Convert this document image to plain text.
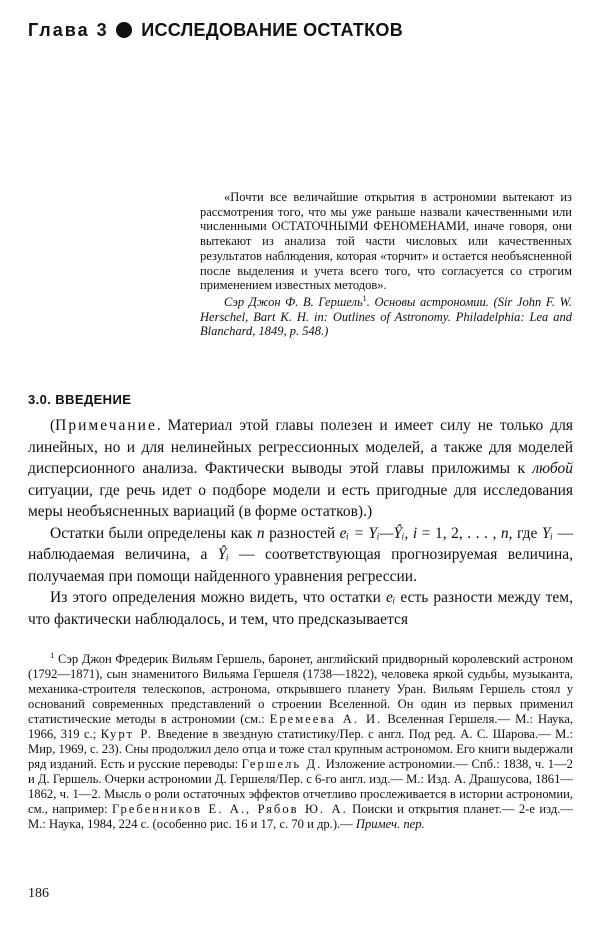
Глава 3 ИССЛЕДОВАНИЕ ОСТАТКОВ

«Почти все величайшие открытия в астрономии вытекают из рассмотрения того, что мы уже раньше назвали качественными или численными ОСТАТОЧНЫМИ ФЕНОМЕНАМИ, иначе говоря, они вытекают из анализа той части числовых или качественных результатов наблюдения, которая «торчит» и остается необъясненной после выделения и учета всего того, что согласуется со строгим применением известных методов».

Сэр Джон Ф. В. Гершель$^1$. Основы астрономии. (Sir John F. W. Herschel, Bart K. H. in: Outlines of Astronomy. Philadelphia: Lea and Blanchard, 1849, p. 548.)

3.0. ВВЕДЕНИЕ

(Примечание. Материал этой главы полезен и имеет силу не только для линейных, но и для нелинейных регрессионных моделей, а также для моделей дисперсионного анализа. Фактически выводы этой главы приложимы к любой ситуации, где речь идет о подборе модели и есть пригодные для исследования меры необъясненных вариаций (в форме остатков).)

Остатки были определены как n разностей eᵢ = Yᵢ—Ŷᵢ, i = 1, 2, . . . , n, где Yᵢ — наблюдаемая величина, а Ŷᵢ — соответствующая прогнозируемая величина, получаемая при помощи найденного уравнения регрессии.

Из этого определения можно видеть, что остатки eᵢ есть разности между тем, что фактически наблюдалось, и тем, что предсказывается

$^1$ Сэр Джон Фредерик Вильям Гершель, баронет, английский придворный королевский астроном (1792—1871), сын знаменитого Вильяма Гершеля (1738—1822), человека яркой судьбы, музыканта, механика-строителя телескопов, астронома, открывшего планету Уран. Вильям Гершель стоял у оснований современных представлений о строении Вселенной. Он один из первых применил статистические методы в астрономии (см.: Еремеева А. И. Вселенная Гершеля.— М.: Наука, 1966, 319 с.; Курт Р. Введение в звездную статистику/Пер. с англ. Под ред. А. С. Шарова.— М.: Мир, 1969, с. 23). Сны продолжил дело отца и тоже стал крупным астрономом. Его книги выдержали ряд изданий. Есть и русские переводы: Гершель Д. Изложение астрономии.— Спб.: 1838, ч. 1—2 и Д. Гершель. Очерки астрономии Д. Гершеля/Пер. с 6-го англ. изд.— М.: Изд. А. Драшусова, 1861—1862, ч. 1—2. Мысль о роли остаточных эффектов отчетливо прослеживается в истории астрономии, см., например: Гребенников Е. А., Рябов Ю. А. Поиски и открытия планет.— 2-е изд.—М.: Наука, 1984, 224 с. (особенно рис. 16 и 17, с. 70 и др.).— Примеч. пер.

186
